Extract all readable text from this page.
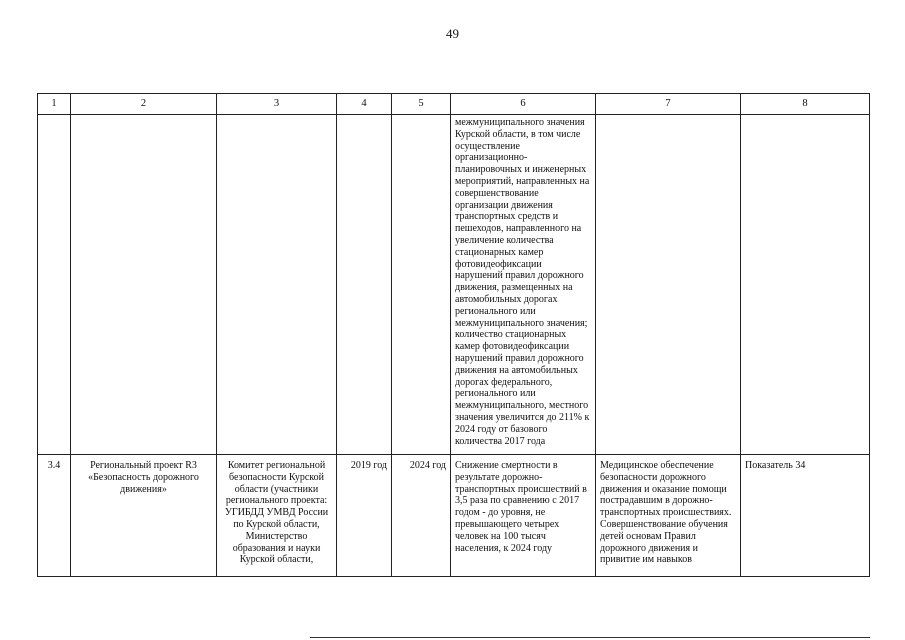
49
1	2	3	4	5	6	7	8
					межмуниципального значения Курской области, в том числе осуществление организационно-планировочных и инженерных мероприятий, направленных на совершенствование организации движения транспортных средств и пешеходов, направленного на увеличение количества стационарных камер фотовидеофиксации нарушений правил дорожного движения, размещенных на автомобильных дорогах регионального или межмуниципального значения; количество стационарных камер фотовидеофиксации нарушений правил дорожного движения на автомобильных дорогах федерального, регионального или межмуниципального, местного значения увеличится до 211% к 2024 году от базового количества 2017 года		
3.4	Региональный проект R3 «Безопасность дорожного движения»	Комитет региональной безопасности Курской области (участники регионального проекта: УГИБДД УМВД России по Курской области, Министерство образования и науки Курской области,	2019 год	2024 год	Снижение смертности в результате дорожно-транспортных происшествий в 3,5 раза по сравнению с 2017 годом - до уровня, не превышающего четырех человек на 100 тысяч населения, к 2024 году	Медицинское обеспечение безопасности дорожного движения и оказание помощи пострадавшим в дорожно-транспортных происшествиях. Совершенствование обучения детей основам Правил дорожного движения и привитие им навыков	Показатель 34
